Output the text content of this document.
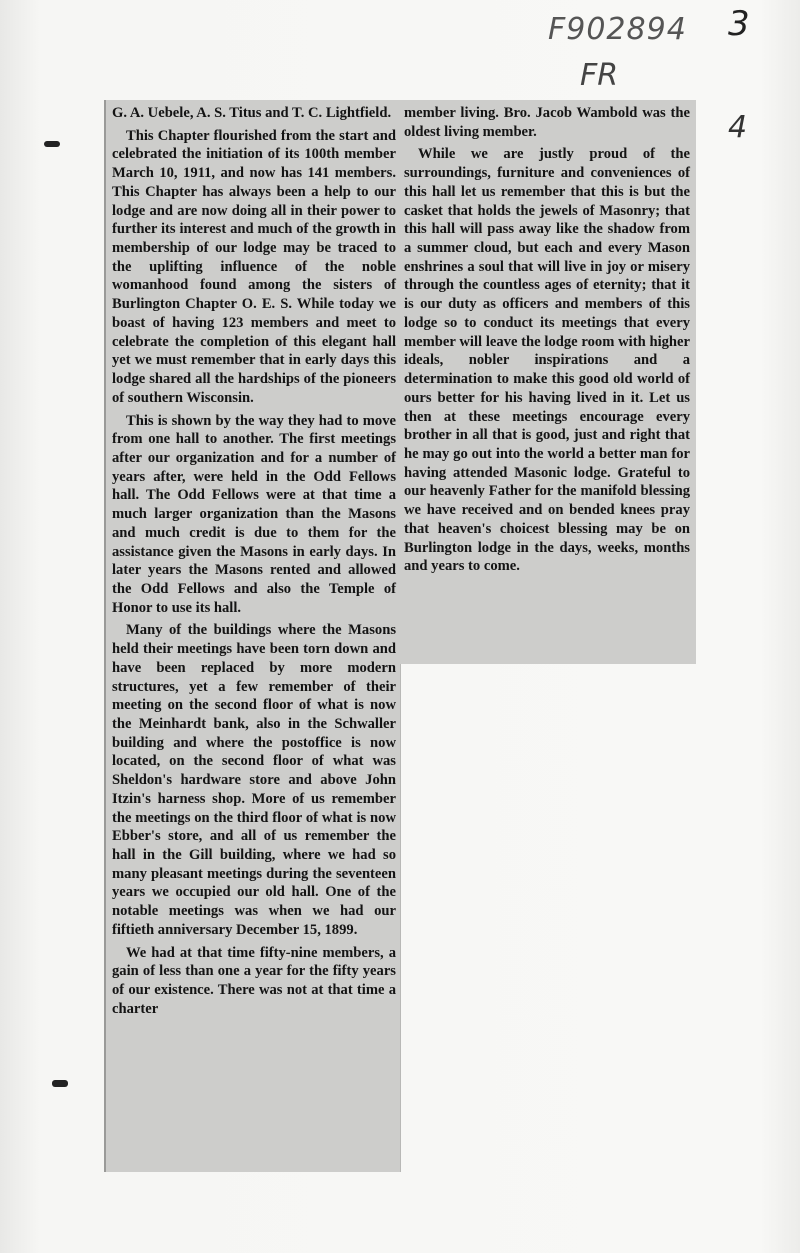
F902894
FR
3
4

G. A. Uebele, A. S. Titus and T. C. Lightfield.

This Chapter flourished from the start and celebrated the initiation of its 100th member March 10, 1911, and now has 141 members. This Chapter has always been a help to our lodge and are now doing all in their power to further its interest and much of the growth in membership of our lodge may be traced to the uplifting influence of the noble womanhood found among the sisters of Burlington Chapter O. E. S. While today we boast of having 123 members and meet to celebrate the completion of this elegant hall yet we must remember that in early days this lodge shared all the hardships of the pioneers of southern Wisconsin.

This is shown by the way they had to move from one hall to another. The first meetings after our organization and for a number of years after, were held in the Odd Fellows hall. The Odd Fellows were at that time a much larger organization than the Masons and much credit is due to them for the assistance given the Masons in early days. In later years the Masons rented and allowed the Odd Fellows and also the Temple of Honor to use its hall.

Many of the buildings where the Masons held their meetings have been torn down and have been replaced by more modern structures, yet a few remember of their meeting on the second floor of what is now the Meinhardt bank, also in the Schwaller building and where the postoffice is now located, on the second floor of what was Sheldon's hardware store and above John Itzin's harness shop. More of us remember the meetings on the third floor of what is now Ebber's store, and all of us remember the hall in the Gill building, where we had so many pleasant meetings during the seventeen years we occupied our old hall. One of the notable meetings was when we had our fiftieth anniversary December 15, 1899.

We had at that time fifty-nine members, a gain of less than one a year for the fifty years of our existence. There was not at that time a charter

member living. Bro. Jacob Wambold was the oldest living member.

While we are justly proud of the surroundings, furniture and conveniences of this hall let us remember that this is but the casket that holds the jewels of Masonry; that this hall will pass away like the shadow from a summer cloud, but each and every Mason enshrines a soul that will live in joy or misery through the countless ages of eternity; that it is our duty as officers and members of this lodge so to conduct its meetings that every member will leave the lodge room with higher ideals, nobler inspirations and a determination to make this good old world of ours better for his having lived in it. Let us then at these meetings encourage every brother in all that is good, just and right that he may go out into the world a better man for having attended Masonic lodge. Grateful to our heavenly Father for the manifold blessing we have received and on bended knees pray that heaven's choicest blessing may be on Burlington lodge in the days, weeks, months and years to come.
